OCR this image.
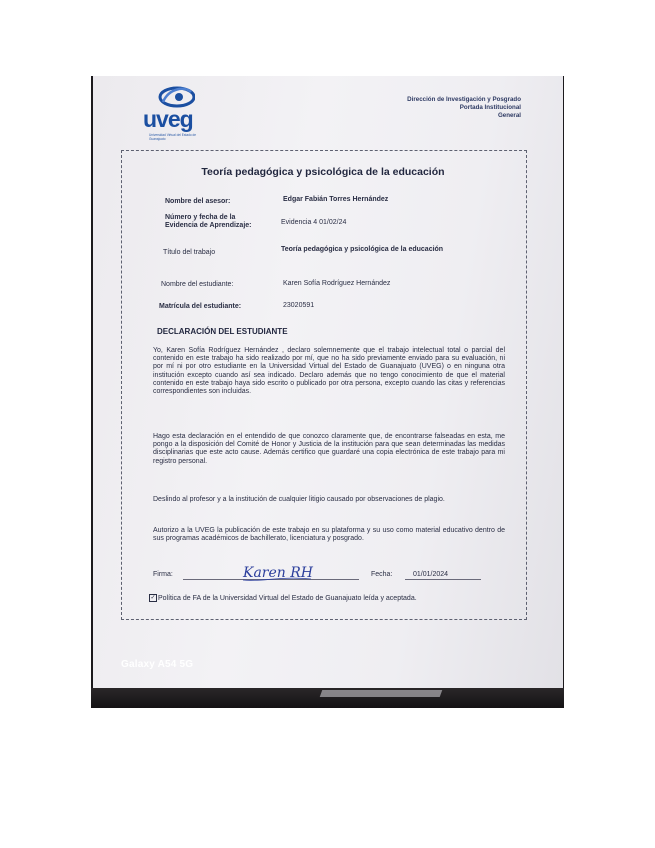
uveg
Universidad Virtual del Estado de Guanajuato
Dirección de Investigación y Posgrado
Portada Institucional
General
Teoría pedagógica y psicológica de la educación
Nombre del asesor:	Edgar Fabián Torres Hernández
Número y fecha de la
Evidencia de Aprendizaje:	Evidencia 4 01/02/24
Título del trabajo	Teoría pedagógica y psicológica de la educación
Nombre del estudiante:	Karen Sofía Rodríguez Hernández
Matrícula del estudiante:	23020591
DECLARACIÓN DEL ESTUDIANTE
Yo, Karen Sofía Rodríguez Hernández , declaro solemnemente que el trabajo intelectual total o parcial del contenido en este trabajo ha sido realizado por mí, que no ha sido previamente enviado para su evaluación, ni por mí ni por otro estudiante en la Universidad Virtual del Estado de Guanajuato (UVEG) o en ninguna otra institución excepto cuando así sea indicado. Declaro además que no tengo conocimiento de que el material contenido en este trabajo haya sido escrito o publicado por otra persona, excepto cuando las citas y referencias correspondientes son incluidas.
Hago esta declaración en el entendido de que conozco claramente que, de encontrarse falseadas en esta, me pongo a la disposición del Comité de Honor y Justicia de la institución para que sean determinadas las medidas disciplinarias que este acto cause. Además certifico que guardaré una copia electrónica de este trabajo para mi registro personal.
Deslindo al profesor y a la institución de cualquier litigio causado por observaciones de plagio.
Autorizo a la UVEG la publicación de este trabajo en su plataforma y su uso como material educativo dentro de sus programas académicos de bachillerato, licenciatura y posgrado.
Firma:	Karen RH	Fecha:	01/01/2024
✓ Política de FA de la Universidad Virtual del Estado de Guanajuato leída y aceptada.
Galaxy A54 5G
